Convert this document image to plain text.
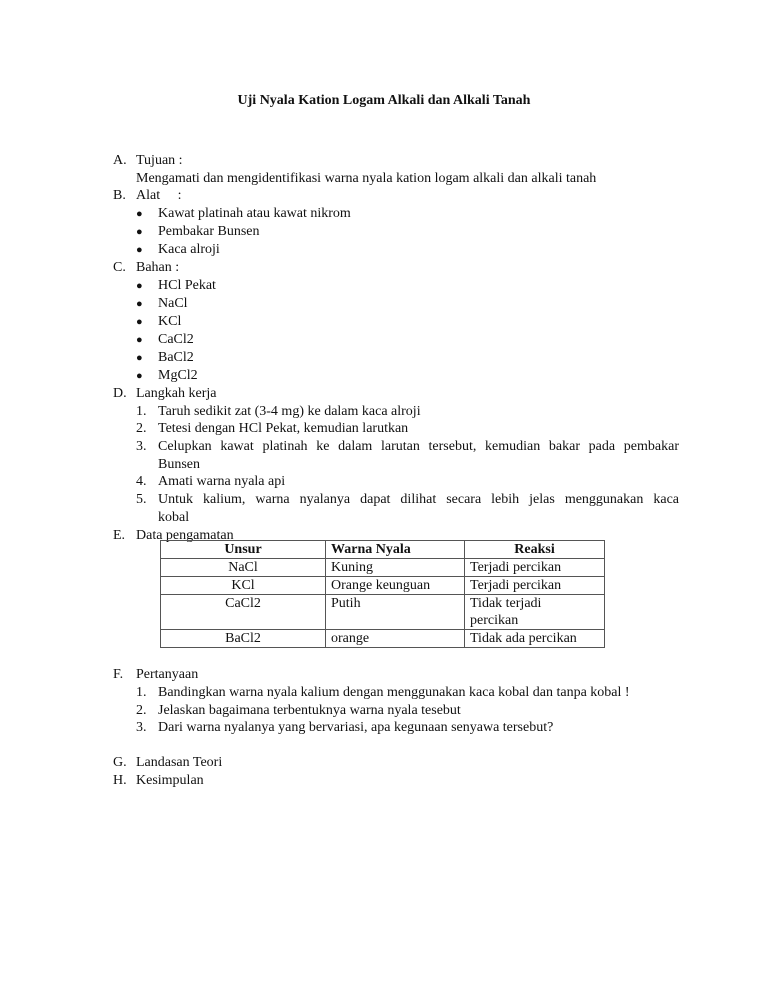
Uji Nyala Kation Logam Alkali dan Alkali Tanah
A. Tujuan :
Mengamati dan mengidentifikasi warna nyala kation logam alkali dan alkali tanah
B. Alat     :
● Kawat platinah atau kawat nikrom
● Pembakar Bunsen
● Kaca alroji
C. Bahan :
● HCl Pekat
● NaCl
● KCl
● CaCl2
● BaCl2
● MgCl2
D. Langkah kerja
1. Taruh sedikit zat (3-4 mg) ke dalam kaca alroji
2. Tetesi dengan HCl Pekat, kemudian larutkan
3. Celupkan kawat platinah ke dalam larutan tersebut, kemudian bakar pada pembakar
Bunsen
4. Amati warna nyala api
5. Untuk kalium, warna nyalanya dapat dilihat secara lebih jelas menggunakan kaca
kobal
E. Data pengamatan
Unsur	Warna Nyala	Reaksi
NaCl	Kuning	Terjadi percikan
KCl	Orange keunguan	Terjadi percikan
CaCl2	Putih	Tidak terjadi
percikan

BaCl2	orange	Tidak ada percikan
F. Pertanyaan
1. Bandingkan warna nyala kalium dengan menggunakan kaca kobal dan tanpa kobal !
2. Jelaskan bagaimana terbentuknya warna nyala tesebut
3. Dari warna nyalanya yang bervariasi, apa kegunaan senyawa tersebut?
G. Landasan Teori
H. Kesimpulan
